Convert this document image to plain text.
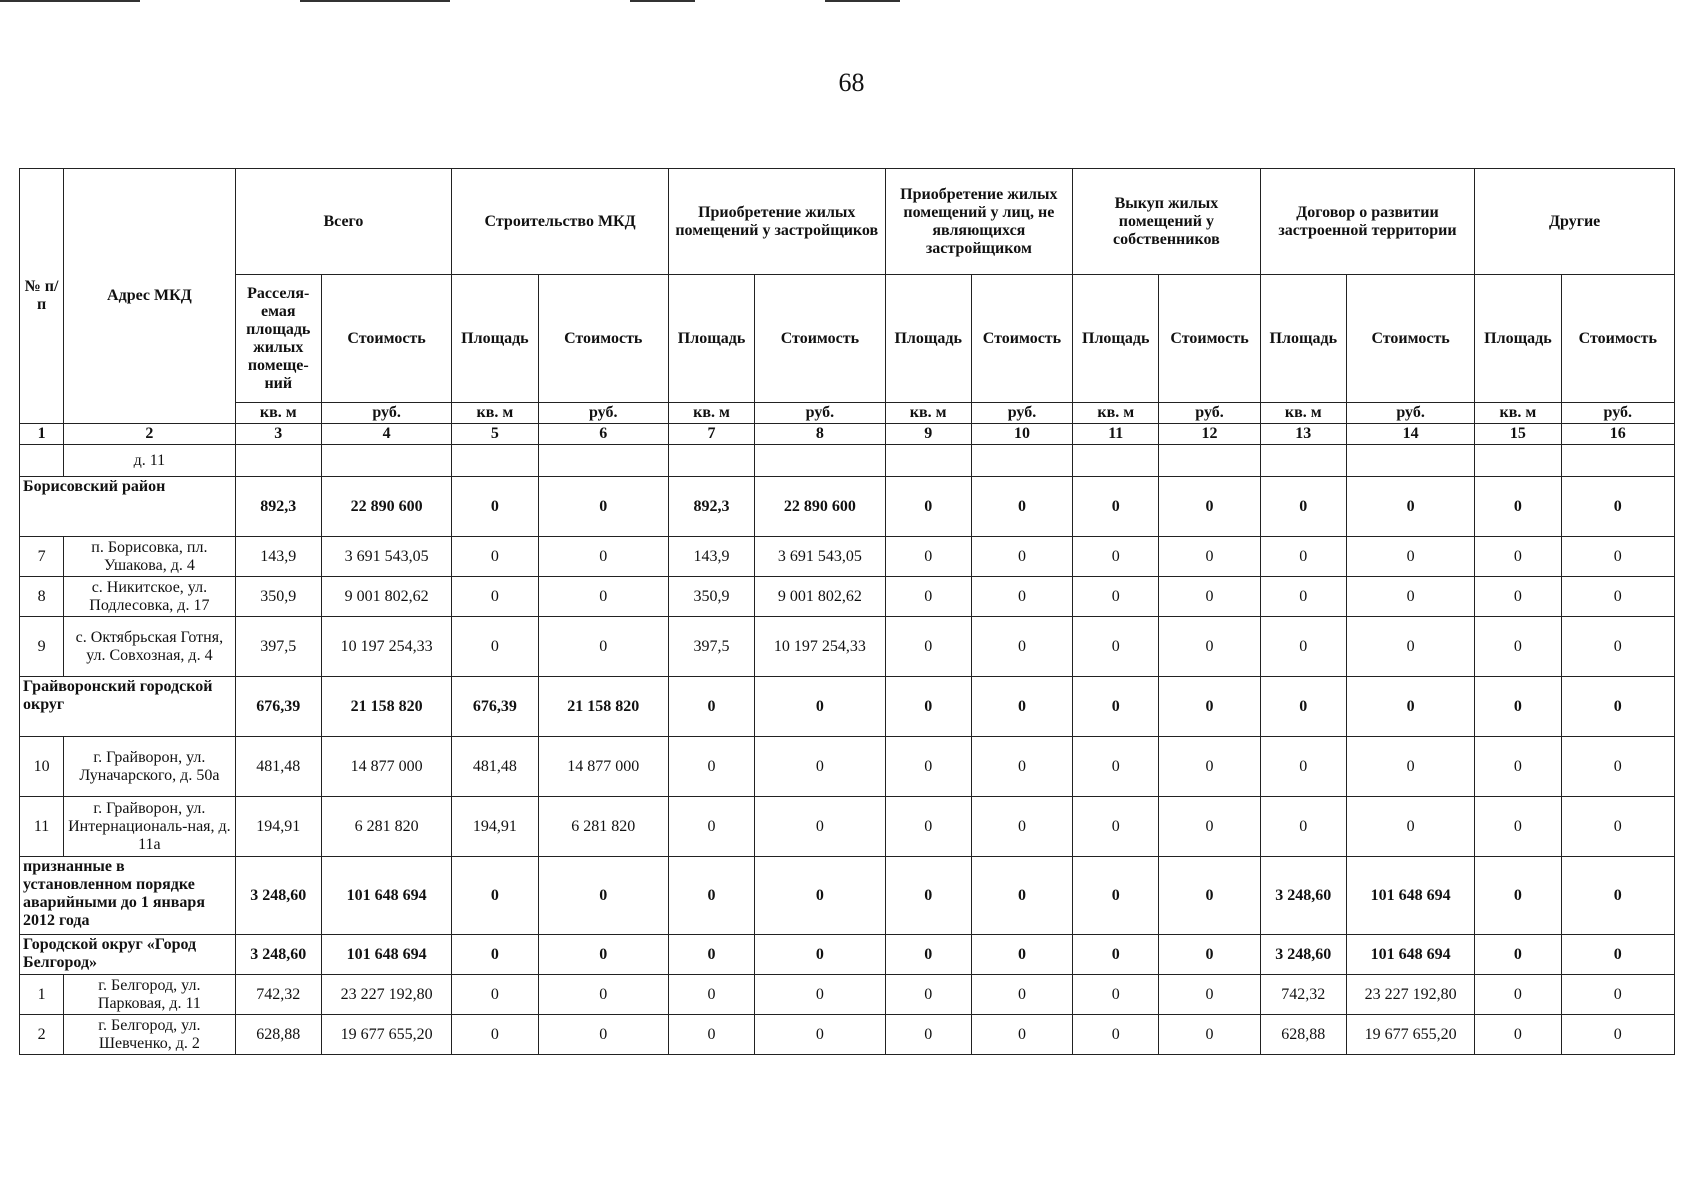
68
№ п/п	Адрес МКД	Всего		Строительство МКД		Приобретение жилых помещений у застройщиков		Приобретение жилых помещений у лиц, не являющихся застройщиком		Выкуп жилых помещений у собственников		Договор о развитии застроенной территории		Другие	
		Расселя-емая площадь жилых помеще-ний	Стоимость	Площадь	Стоимость	Площадь	Стоимость	Площадь	Стоимость	Площадь	Стоимость	Площадь	Стоимость	Площадь	Стоимость
		кв. м	руб.	кв. м	руб.	кв. м	руб.	кв. м	руб.	кв. м	руб.	кв. м	руб.	кв. м	руб.
1	2	3	4	5	6	7	8	9	10	11	12	13	14	15	16
	д. 11														
Борисовский район		892,3	22 890 600	0	0	892,3	22 890 600	0	0	0	0	0	0	0	0
7	п. Борисовка, пл. Ушакова, д. 4	143,9	3 691 543,05	0	0	143,9	3 691 543,05	0	0	0	0	0	0	0	0
8	с. Никитское, ул. Подлесовка, д. 17	350,9	9 001 802,62	0	0	350,9	9 001 802,62	0	0	0	0	0	0	0	0
9	с. Октябрьская Готня, ул. Совхозная, д. 4	397,5	10 197 254,33	0	0	397,5	10 197 254,33	0	0	0	0	0	0	0	0
Грайворонский городской округ		676,39	21 158 820	676,39	21 158 820	0	0	0	0	0	0	0	0	0	0
10	г. Грайворон, ул. Луначарского, д. 50а	481,48	14 877 000	481,48	14 877 000	0	0	0	0	0	0	0	0	0	0
11	г. Грайворон, ул. Интернациональ-ная, д. 11а	194,91	6 281 820	194,91	6 281 820	0	0	0	0	0	0	0	0	0	0
признанные в установленном порядке аварийными до 1 января 2012 года		3 248,60	101 648 694	0	0	0	0	0	0	0	0	3 248,60	101 648 694	0	0
Городской округ «Город Белгород»		3 248,60	101 648 694	0	0	0	0	0	0	0	0	3 248,60	101 648 694	0	0
1	г. Белгород, ул. Парковая, д. 11	742,32	23 227 192,80	0	0	0	0	0	0	0	0	742,32	23 227 192,80	0	0
2	г. Белгород, ул. Шевченко, д. 2	628,88	19 677 655,20	0	0	0	0	0	0	0	0	628,88	19 677 655,20	0	0
